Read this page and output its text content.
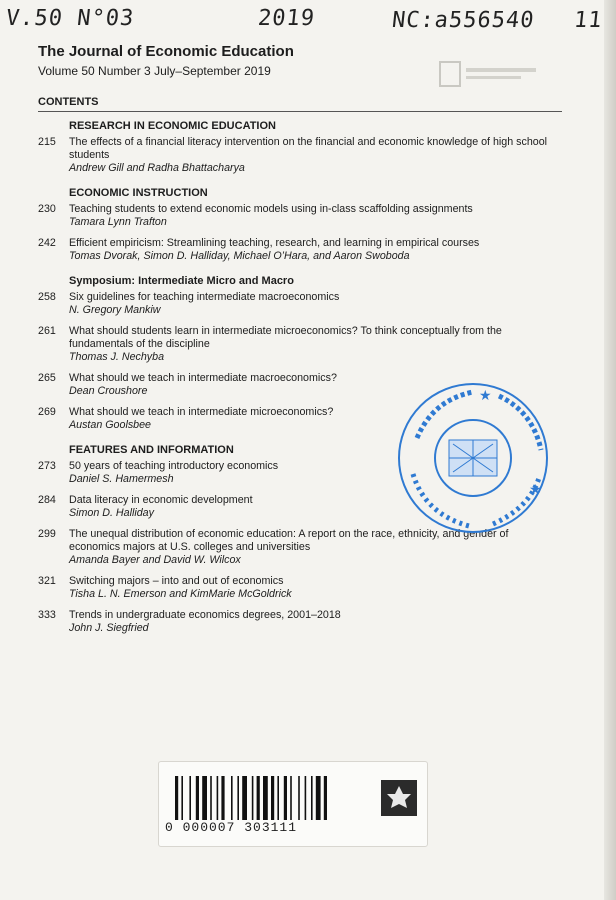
V.50 N°03	2019	NC:a556540 11
The Journal of Economic Education
Volume 50 Number 3 July–September 2019
CONTENTS
RESEARCH IN ECONOMIC EDUCATION
215	The effects of a financial literacy intervention on the financial and economic knowledge of high school students
Andrew Gill and Radha Bhattacharya
ECONOMIC INSTRUCTION
230	Teaching students to extend economic models using in-class scaffolding assignments
Tamara Lynn Trafton
242	Efficient empiricism: Streamlining teaching, research, and learning in empirical courses
Tomas Dvorak, Simon D. Halliday, Michael O’Hara, and Aaron Swoboda
Symposium: Intermediate Micro and Macro
258	Six guidelines for teaching intermediate macroeconomics
N. Gregory Mankiw
261	What should students learn in intermediate microeconomics? To think conceptually from the fundamentals of the discipline
Thomas J. Nechyba
265	What should we teach in intermediate macroeconomics?
Dean Croushore
269	What should we teach in intermediate microeconomics?
Austan Goolsbee
FEATURES AND INFORMATION
273	50 years of teaching introductory economics
Daniel S. Hamermesh
284	Data literacy in economic development
Simon D. Halliday
299	The unequal distribution of economic education: A report on the race, ethnicity, and gender of economics majors at U.S. colleges and universities
Amanda Bayer and David W. Wilcox
321	Switching majors – into and out of economics
Tisha L. N. Emerson and KimMarie McGoldrick
333	Trends in undergraduate economics degrees, 2001–2018
John J. Siegfried
★
★
0 000007 303111
